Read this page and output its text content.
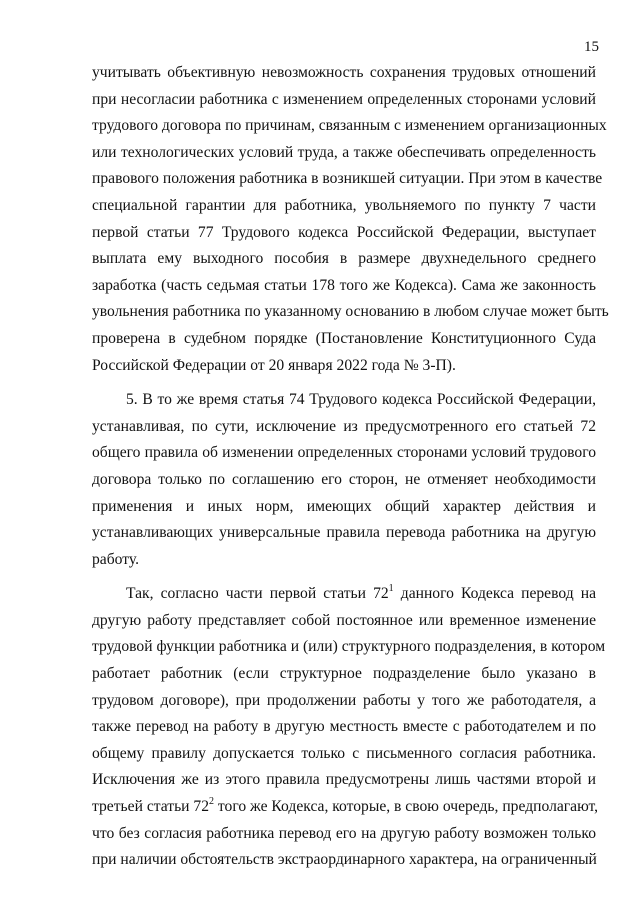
15

учитывать объективную невозможность сохранения трудовых отношений
при несогласии работника с изменением определенных сторонами условий
трудового договора по причинам, связанным с изменением организационных
или технологических условий труда, а также обеспечивать определенность
правового положения работника в возникшей ситуации. При этом в качестве
специальной гарантии для работника, увольняемого по пункту 7 части
первой статьи 77 Трудового кодекса Российской Федерации, выступает
выплата ему выходного пособия в размере двухнедельного среднего
заработка (часть седьмая статьи 178 того же Кодекса). Сама же законность
увольнения работника по указанному основанию в любом случае может быть
проверена в судебном порядке (Постановление Конституционного Суда
Российской Федерации от 20 января 2022 года № 3-П).

5. В то же время статья 74 Трудового кодекса Российской Федерации,
устанавливая, по сути, исключение из предусмотренного его статьей 72
общего правила об изменении определенных сторонами условий трудового
договора только по соглашению его сторон, не отменяет необходимости
применения и иных норм, имеющих общий характер действия и
устанавливающих универсальные правила перевода работника на другую
работу.

Так, согласно части первой статьи $72^1$ данного Кодекса перевод на
другую работу представляет собой постоянное или временное изменение
трудовой функции работника и (или) структурного подразделения, в котором
работает работник (если структурное подразделение было указано в
трудовом договоре), при продолжении работы у того же работодателя, а
также перевод на работу в другую местность вместе с работодателем и по
общему правилу допускается только с письменного согласия работника.
Исключения же из этого правила предусмотрены лишь частями второй и
третьей статьи $72^2$ того же Кодекса, которые, в свою очередь, предполагают,
что без согласия работника перевод его на другую работу возможен только
при наличии обстоятельств экстраординарного характера, на ограниченный
